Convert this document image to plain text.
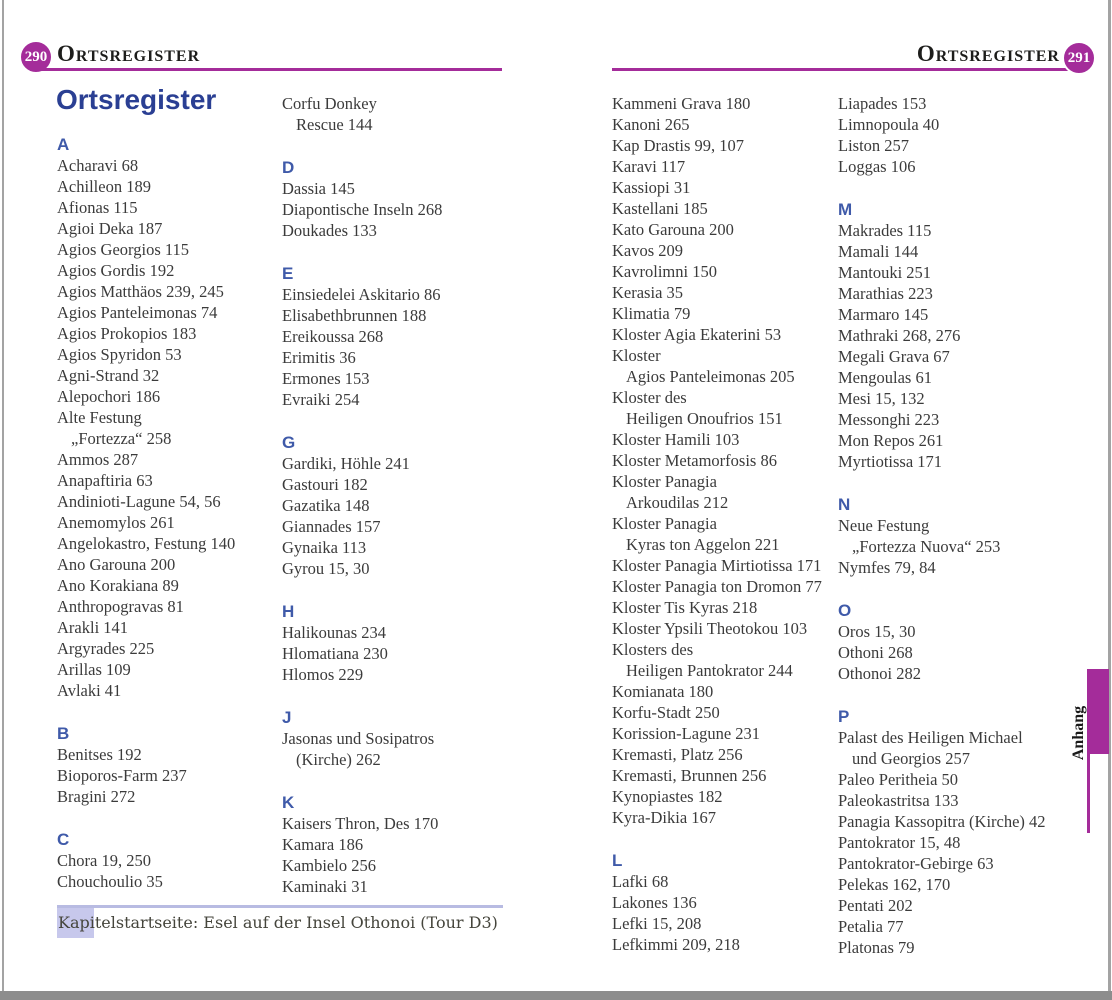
290 Ortsregister	Ortsregister 291
Ortsregister
A
Acharavi 68
Achilleon 189
Afionas 115
Agioi Deka 187
Agios Georgios 115
Agios Gordis 192
Agios Matthäos 239, 245
Agios Panteleimonas 74
Agios Prokopios 183
Agios Spyridon 53
Agni-Strand 32
Alepochori 186
Alte Festung
„Fortezza“ 258
Ammos 287
Anapaftiria 63
Andinioti-Lagune 54, 56
Anemomylos 261
Angelokastro, Festung 140
Ano Garouna 200
Ano Korakiana 89
Anthropogravas 81
Arakli 141
Argyrades 225
Arillas 109
Avlaki 41
B
Benitses 192
Bioporos-Farm 237
Bragini 272
C
Chora 19, 250
Chouchoulio 35
Corfu Donkey
Rescue 144
D
Dassia 145
Diapontische Inseln 268
Doukades 133
E
Einsiedelei Askitario 86
Elisabethbrunnen 188
Ereikoussa 268
Erimitis 36
Ermones 153
Evraiki 254
G
Gardiki, Höhle 241
Gastouri 182
Gazatika 148
Giannades 157
Gynaika 113
Gyrou 15, 30
H
Halikounas 234
Hlomatiana 230
Hlomos 229
J
Jasonas und Sosipatros
(Kirche) 262
K
Kaisers Thron, Des 170
Kamara 186
Kambielo 256
Kaminaki 31
Kammeni Grava 180
Kanoni 265
Kap Drastis 99, 107
Karavi 117
Kassiopi 31
Kastellani 185
Kato Garouna 200
Kavos 209
Kavrolimni 150
Kerasia 35
Klimatia 79
Kloster Agia Ekaterini 53
Kloster
Agios Panteleimonas 205
Kloster des
Heiligen Onoufrios 151
Kloster Hamili 103
Kloster Metamorfosis 86
Kloster Panagia
Arkoudilas 212
Kloster Panagia
Kyras ton Aggelon 221
Kloster Panagia Mirtiotissa 171
Kloster Panagia ton Dromon 77
Kloster Tis Kyras 218
Kloster Ypsili Theotokou 103
Klosters des
Heiligen Pantokrator 244
Komianata 180
Korfu-Stadt 250
Korission-Lagune 231
Kremasti, Platz 256
Kremasti, Brunnen 256
Kynopiastes 182
Kyra-Dikia 167
L
Lafki 68
Lakones 136
Lefki 15, 208
Lefkimmi 209, 218
Liapades 153
Limnopoula 40
Liston 257
Loggas 106
M
Makrades 115
Mamali 144
Mantouki 251
Marathias 223
Marmaro 145
Mathraki 268, 276
Megali Grava 67
Mengoulas 61
Mesi 15, 132
Messonghi 223
Mon Repos 261
Myrtiotissa 171
N
Neue Festung
„Fortezza Nuova“ 253
Nymfes 79, 84
O
Oros 15, 30
Othoni 268
Othonoi 282
P
Palast des Heiligen Michael
und Georgios 257
Paleo Peritheia 50
Paleokastritsa 133
Panagia Kassopitra (Kirche) 42
Pantokrator 15, 48
Pantokrator-Gebirge 63
Pelekas 162, 170
Pentati 202
Petalia 77
Platonas 79
Anhang
Kapitelstartseite: Esel auf der Insel Othonoi (Tour D3)
